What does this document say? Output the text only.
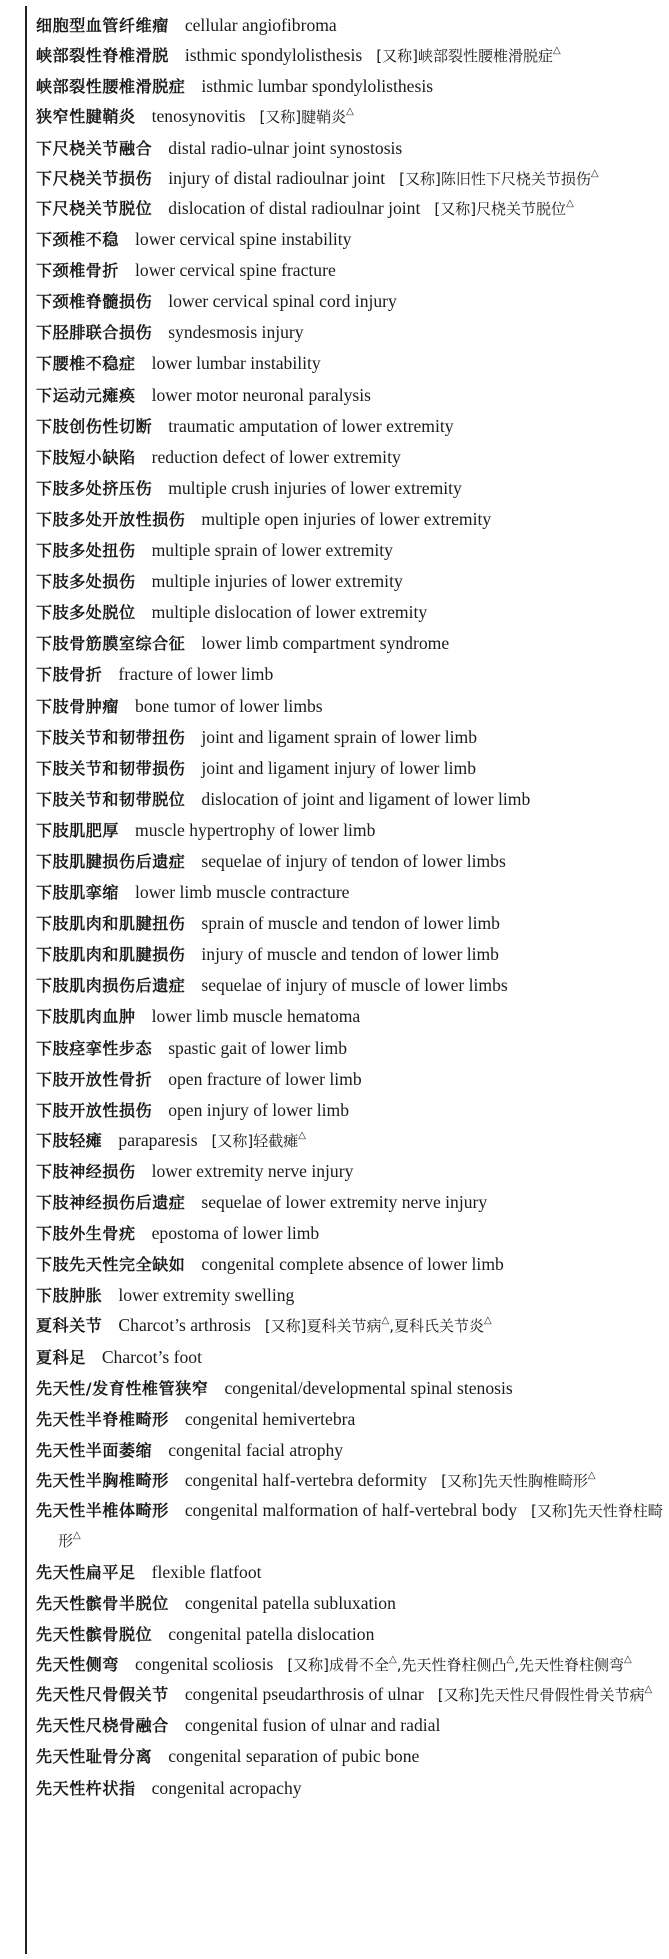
细胞型血管纤维瘤 cellular angiofibroma
峡部裂性脊椎滑脱 isthmic spondylolisthesis [又称]峡部裂性腰椎滑脱症△
峡部裂性腰椎滑脱症 isthmic lumbar spondylolisthesis
狭窄性腱鞘炎 tenosynovitis [又称]腱鞘炎△
下尺桡关节融合 distal radio-ulnar joint synostosis
下尺桡关节损伤 injury of distal radioulnar joint [又称]陈旧性下尺桡关节损伤△
下尺桡关节脱位 dislocation of distal radioulnar joint [又称]尺桡关节脱位△
下颈椎不稳 lower cervical spine instability
下颈椎骨折 lower cervical spine fracture
下颈椎脊髓损伤 lower cervical spinal cord injury
下胫腓联合损伤 syndesmosis injury
下腰椎不稳症 lower lumbar instability
下运动元瘫痪 lower motor neuronal paralysis
下肢创伤性切断 traumatic amputation of lower extremity
下肢短小缺陷 reduction defect of lower extremity
下肢多处挤压伤 multiple crush injuries of lower extremity
下肢多处开放性损伤 multiple open injuries of lower extremity
下肢多处扭伤 multiple sprain of lower extremity
下肢多处损伤 multiple injuries of lower extremity
下肢多处脱位 multiple dislocation of lower extremity
下肢骨筋膜室综合征 lower limb compartment syndrome
下肢骨折 fracture of lower limb
下肢骨肿瘤 bone tumor of lower limbs
下肢关节和韧带扭伤 joint and ligament sprain of lower limb
下肢关节和韧带损伤 joint and ligament injury of lower limb
下肢关节和韧带脱位 dislocation of joint and ligament of lower limb
下肢肌肥厚 muscle hypertrophy of lower limb
下肢肌腱损伤后遗症 sequelae of injury of tendon of lower limbs
下肢肌挛缩 lower limb muscle contracture
下肢肌肉和肌腱扭伤 sprain of muscle and tendon of lower limb
下肢肌肉和肌腱损伤 injury of muscle and tendon of lower limb
下肢肌肉损伤后遗症 sequelae of injury of muscle of lower limbs
下肢肌肉血肿 lower limb muscle hematoma
下肢痉挛性步态 spastic gait of lower limb
下肢开放性骨折 open fracture of lower limb
下肢开放性损伤 open injury of lower limb
下肢轻瘫 paraparesis [又称]轻截瘫△
下肢神经损伤 lower extremity nerve injury
下肢神经损伤后遗症 sequelae of lower extremity nerve injury
下肢外生骨疣 epostoma of lower limb
下肢先天性完全缺如 congenital complete absence of lower limb
下肢肿胀 lower extremity swelling
夏科关节 Charcot’s arthrosis [又称]夏科关节病△,夏科氏关节炎△
夏科足 Charcot’s foot
先天性/发育性椎管狭窄 congenital/developmental spinal stenosis
先天性半脊椎畸形 congenital hemivertebra
先天性半面萎缩 congenital facial atrophy
先天性半胸椎畸形 congenital half-vertebra deformity [又称]先天性胸椎畸形△
先天性半椎体畸形 congenital malformation of half-vertebral body [又称]先天性脊柱畸形△
先天性扁平足 flexible flatfoot
先天性髌骨半脱位 congenital patella subluxation
先天性髌骨脱位 congenital patella dislocation
先天性侧弯 congenital scoliosis [又称]成骨不全△,先天性脊柱侧凸△,先天性脊柱侧弯△
先天性尺骨假关节 congenital pseudarthrosis of ulnar [又称]先天性尺骨假性骨关节病△
先天性尺桡骨融合 congenital fusion of ulnar and radial
先天性耻骨分离 congenital separation of pubic bone
先天性杵状指 congenital acropachy
